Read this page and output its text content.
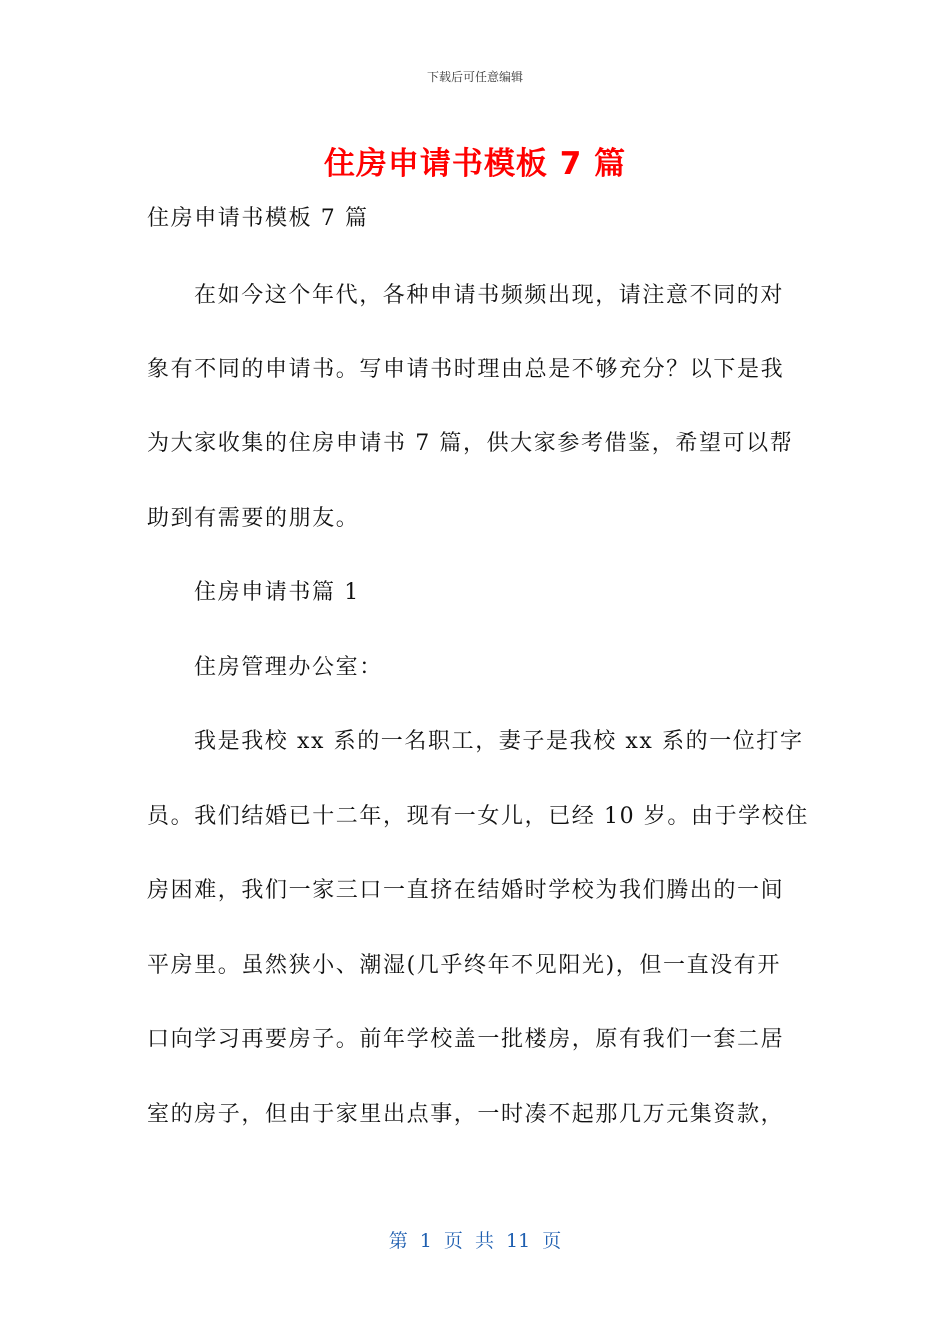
下载后可任意编辑
住房申请书模板 7 篇
住房申请书模板 7 篇
在如今这个年代，各种申请书频频出现，请注意不同的对
象有不同的申请书。写申请书时理由总是不够充分？以下是我
为大家收集的住房申请书 7 篇，供大家参考借鉴，希望可以帮
助到有需要的朋友。
住房申请书篇 1
住房管理办公室：
我是我校 xx 系的一名职工，妻子是我校 xx 系的一位打字
员。我们结婚已十二年，现有一女儿，已经 10 岁。由于学校住
房困难，我们一家三口一直挤在结婚时学校为我们腾出的一间
平房里。虽然狭小、潮湿(几乎终年不见阳光)，但一直没有开
口向学习再要房子。前年学校盖一批楼房，原有我们一套二居
室的房子，但由于家里出点事，一时凑不起那几万元集资款，
第 1 页 共 11 页
